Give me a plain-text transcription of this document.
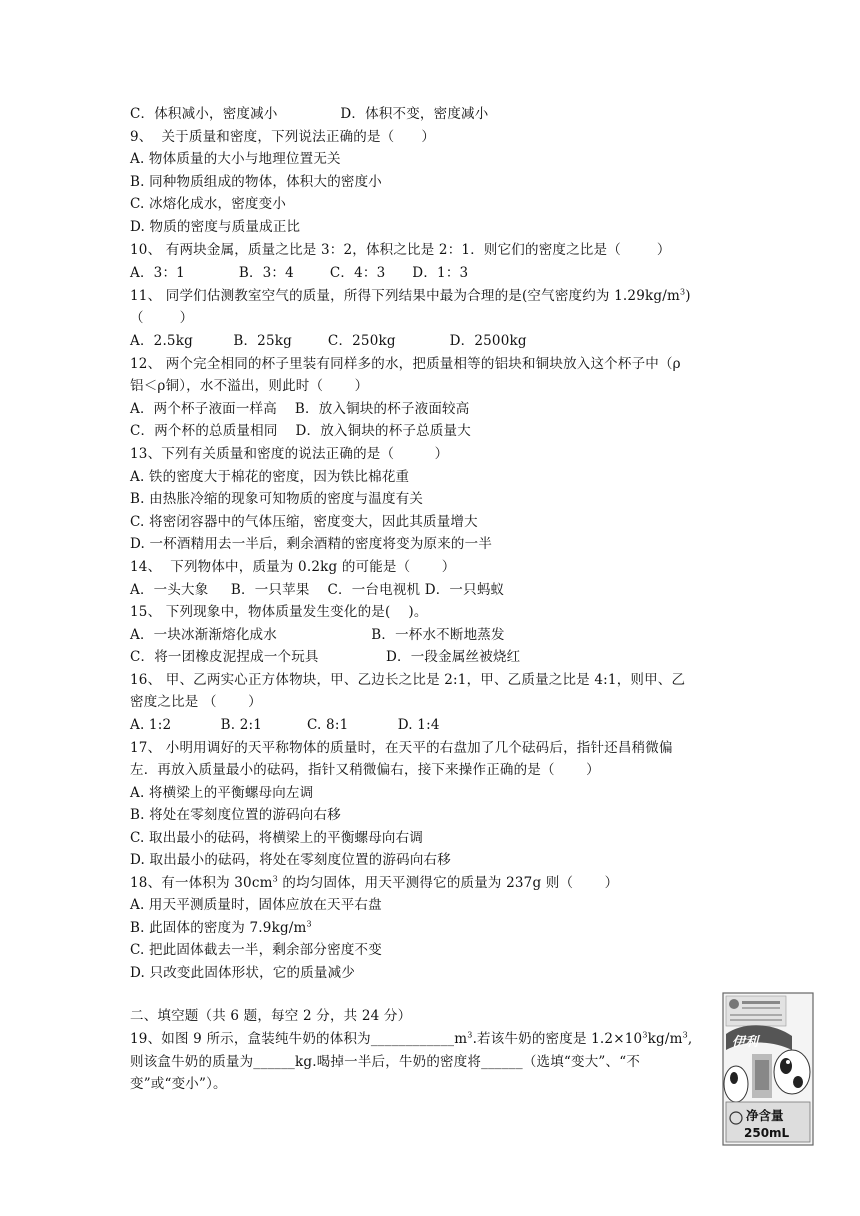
C．体积减小，密度减小              D．体积不变，密度减小
9、  关于质量和密度，下列说法正确的是（      ）
A. 物体质量的大小与地理位置无关
B. 同种物质组成的物体，体积大的密度小
C. 冰熔化成水，密度变小
D. 物质的密度与质量成正比
10、 有两块金属，质量之比是 3：2，体积之比是 2：1．则它们的密度之比是（        ）
A．3：1            B．3：4        C．4：3      D．1：3
11、 同学们估测教室空气的质量，所得下列结果中最为合理的是(空气密度约为 $1.29kg/m^3$)
（        ）
A．2.5kg         B．25kg        C．250kg            D．2500kg
12、 两个完全相同的杯子里装有同样多的水，把质量相等的铝块和铜块放入这个杯子中（ρ
铝＜ρ铜），水不溢出，则此时（       ）
A．两个杯子液面一样高    B．放入铜块的杯子液面较高
C．两个杯的总质量相同    D．放入铜块的杯子总质量大
13、下列有关质量和密度的说法正确的是（         ）
A. 铁的密度大于棉花的密度，因为铁比棉花重
B. 由热胀冷缩的现象可知物质的密度与温度有关
C. 将密闭容器中的气体压缩，密度变大，因此其质量增大
D. 一杯酒精用去一半后，剩余酒精的密度将变为原来的一半
14、  下列物体中，质量为 0.2kg 的可能是（       ）
A．一头大象     B．一只苹果    C．一台电视机 D．一只蚂蚁
15、 下列现象中，物体质量发生变化的是(    )。
A．一块冰渐渐熔化成水                     B．一杯水不断地蒸发
C．将一团橡皮泥捏成一个玩具               D．一段金属丝被烧红
16、 甲、乙两实心正方体物块，甲、乙边长之比是 2:1，甲、乙质量之比是 4:1，则甲、乙
密度之比是 （       ）
A. 1:2           B. 2:1          C. 8:1           D. 1:4
17、 小明用调好的天平称物体的质量时，在天平的右盘加了几个砝码后，指针还昌稍微偏
左．再放入质量最小的砝码，指针又稍微偏右，接下来操作正确的是（       ）
A. 将横梁上的平衡螺母向左调
B. 将处在零刻度位置的游码向右移
C. 取出最小的砝码，将横梁上的平衡螺母向右调
D. 取出最小的砝码，将处在零刻度位置的游码向右移
18、有一体积为 $30cm^3$ 的均匀固体，用天平测得它的质量为 237g 则（       ）
A. 用天平测质量时，固体应放在天平右盘
B. 此固体的密度为 $7.9kg/m^3$
C. 把此固体截去一半，剩余部分密度不变
D. 只改变此固体形状，它的质量减少
二、填空题（共 6 题，每空 2 分，共 24 分）
19、如图 9 所示，盒装纯牛奶的体积为$\_\_\_\_\_\_\_\_\_\_\_\_m^3$.若该牛奶的密度是 $1.2\times 10^3kg/m^3$,
则该盒牛奶的质量为______kg.喝掉一半后，牛奶的密度将______（选填“变大”、“不
变”或“变小”）。
伊利
净含量
250mL
